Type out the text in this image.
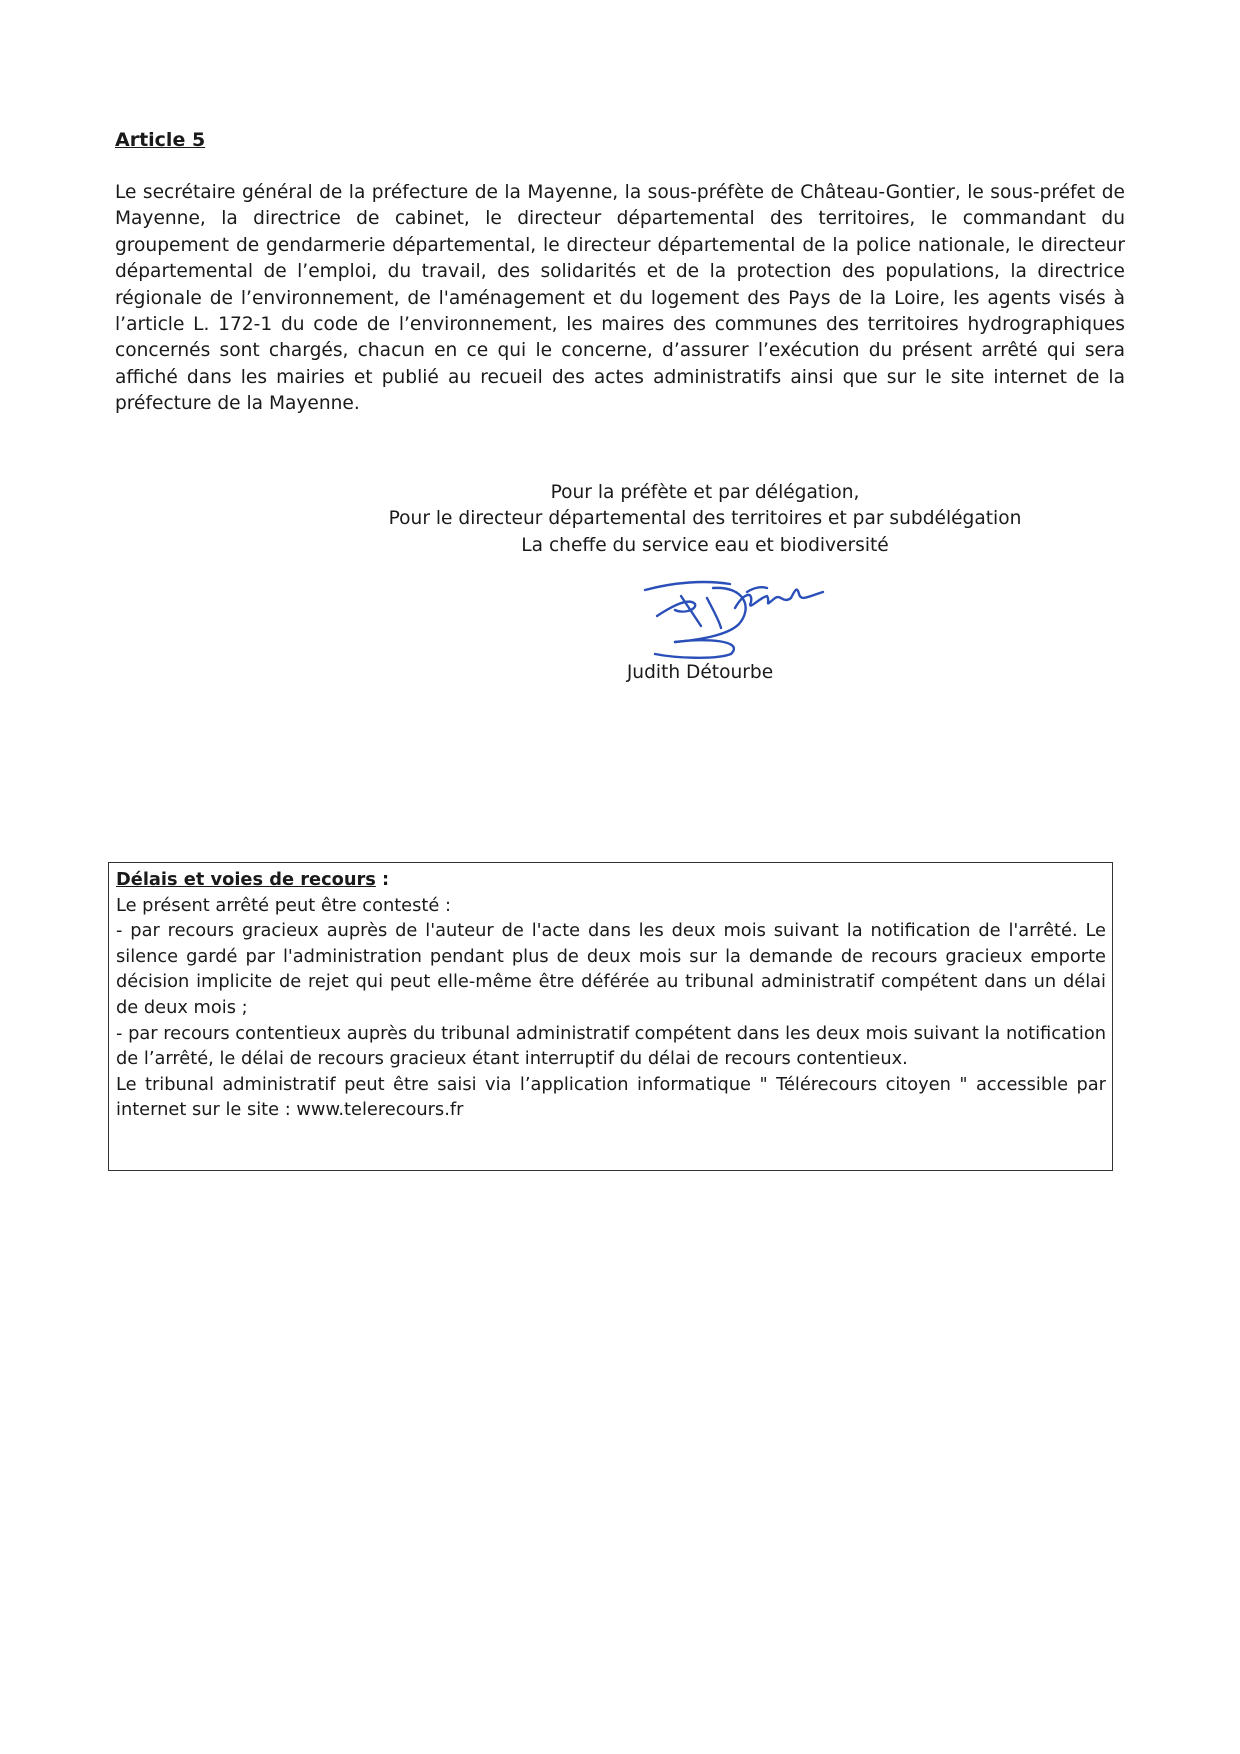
Article 5

Le secrétaire général de la préfecture de la Mayenne, la sous-préfète de Château-Gontier, le sous-préfet de Mayenne, la directrice de cabinet, le directeur départemental des territoires, le commandant du groupement de gendarmerie départemental, le directeur départemental de la police nationale, le directeur départemental de l’emploi, du travail, des solidarités et de la protection des populations, la directrice régionale de l’environnement, de l'aménagement et du logement des Pays de la Loire, les agents visés à l’article L. 172-1 du code de l’environnement, les maires des communes des territoires hydrographiques concernés sont chargés, chacun en ce qui le concerne, d’assurer l’exécution du présent arrêté qui sera affiché dans les mairies et publié au recueil des actes administratifs ainsi que sur le site internet de la préfecture de la Mayenne.

Pour la préfète et par délégation,
Pour le directeur départemental des territoires et par subdélégation
La cheffe du service eau et biodiversité
Judith Détourbe

Délais et voies de recours :

Le présent arrêté peut être contesté :

- par recours gracieux auprès de l'auteur de l'acte dans les deux mois suivant la notification de l'arrêté. Le silence gardé par l'administration pendant plus de deux mois sur la demande de recours gracieux emporte décision implicite de rejet qui peut elle-même être déférée au tribunal administratif compétent dans un délai de deux mois ;

- par recours contentieux auprès du tribunal administratif compétent dans les deux mois suivant la notification de l’arrêté, le délai de recours gracieux étant interruptif du délai de recours contentieux.

Le tribunal administratif peut être saisi via l’application informatique " Télérecours citoyen " accessible par internet sur le site : www.telerecours.fr
